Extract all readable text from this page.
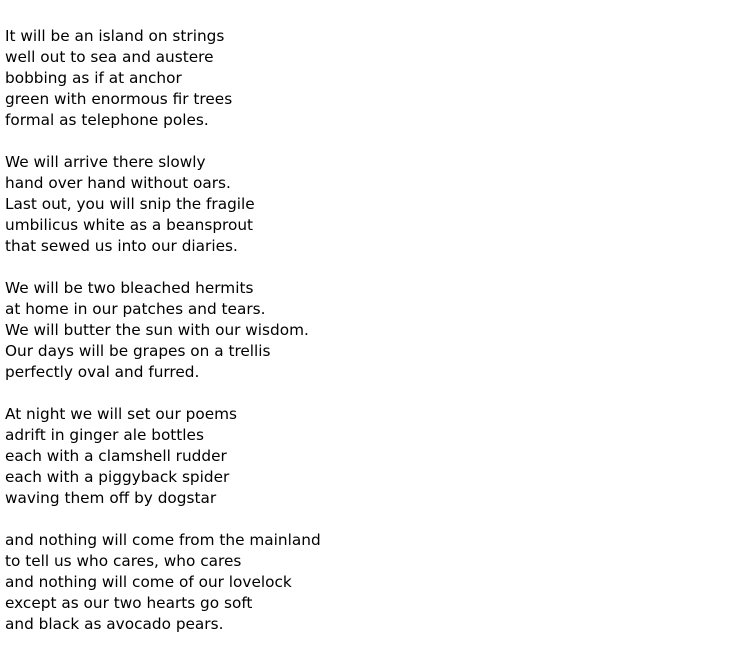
It will be an island on strings
well out to sea and austere
bobbing as if at anchor
green with enormous fir trees
formal as telephone poles.
We will arrive there slowly
hand over hand without oars.
Last out, you will snip the fragile
umbilicus white as a beansprout
that sewed us into our diaries.
We will be two bleached hermits
at home in our patches and tears.
We will butter the sun with our wisdom.
Our days will be grapes on a trellis
perfectly oval and furred.
At night we will set our poems
adrift in ginger ale bottles
each with a clamshell rudder
each with a piggyback spider
waving them off by dogstar
and nothing will come from the mainland
to tell us who cares, who cares
and nothing will come of our lovelock
except as our two hearts go soft
and black as avocado pears.
